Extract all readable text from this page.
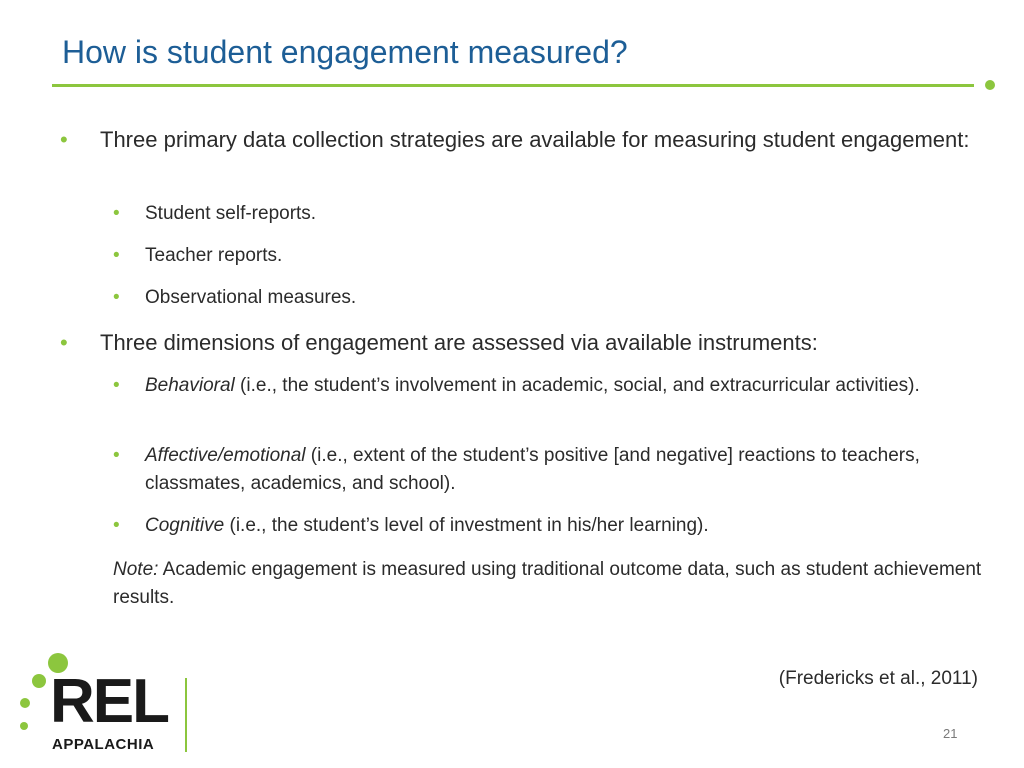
How is student engagement measured?
• Three primary data collection strategies are available for measuring student engagement:
• Student self-reports.
• Teacher reports.
• Observational measures.
• Three dimensions of engagement are assessed via available instruments:
• Behavioral (i.e., the student’s involvement in academic, social, and extracurricular activities).
• Affective/emotional (i.e., extent of the student’s positive [and negative] reactions to teachers, classmates, academics, and school).
• Cognitive (i.e., the student’s level of investment in his/her learning).
Note: Academic engagement is measured using traditional outcome data, such as student achievement results.
(Fredericks et al., 2011)
21
REL
APPALACHIA
